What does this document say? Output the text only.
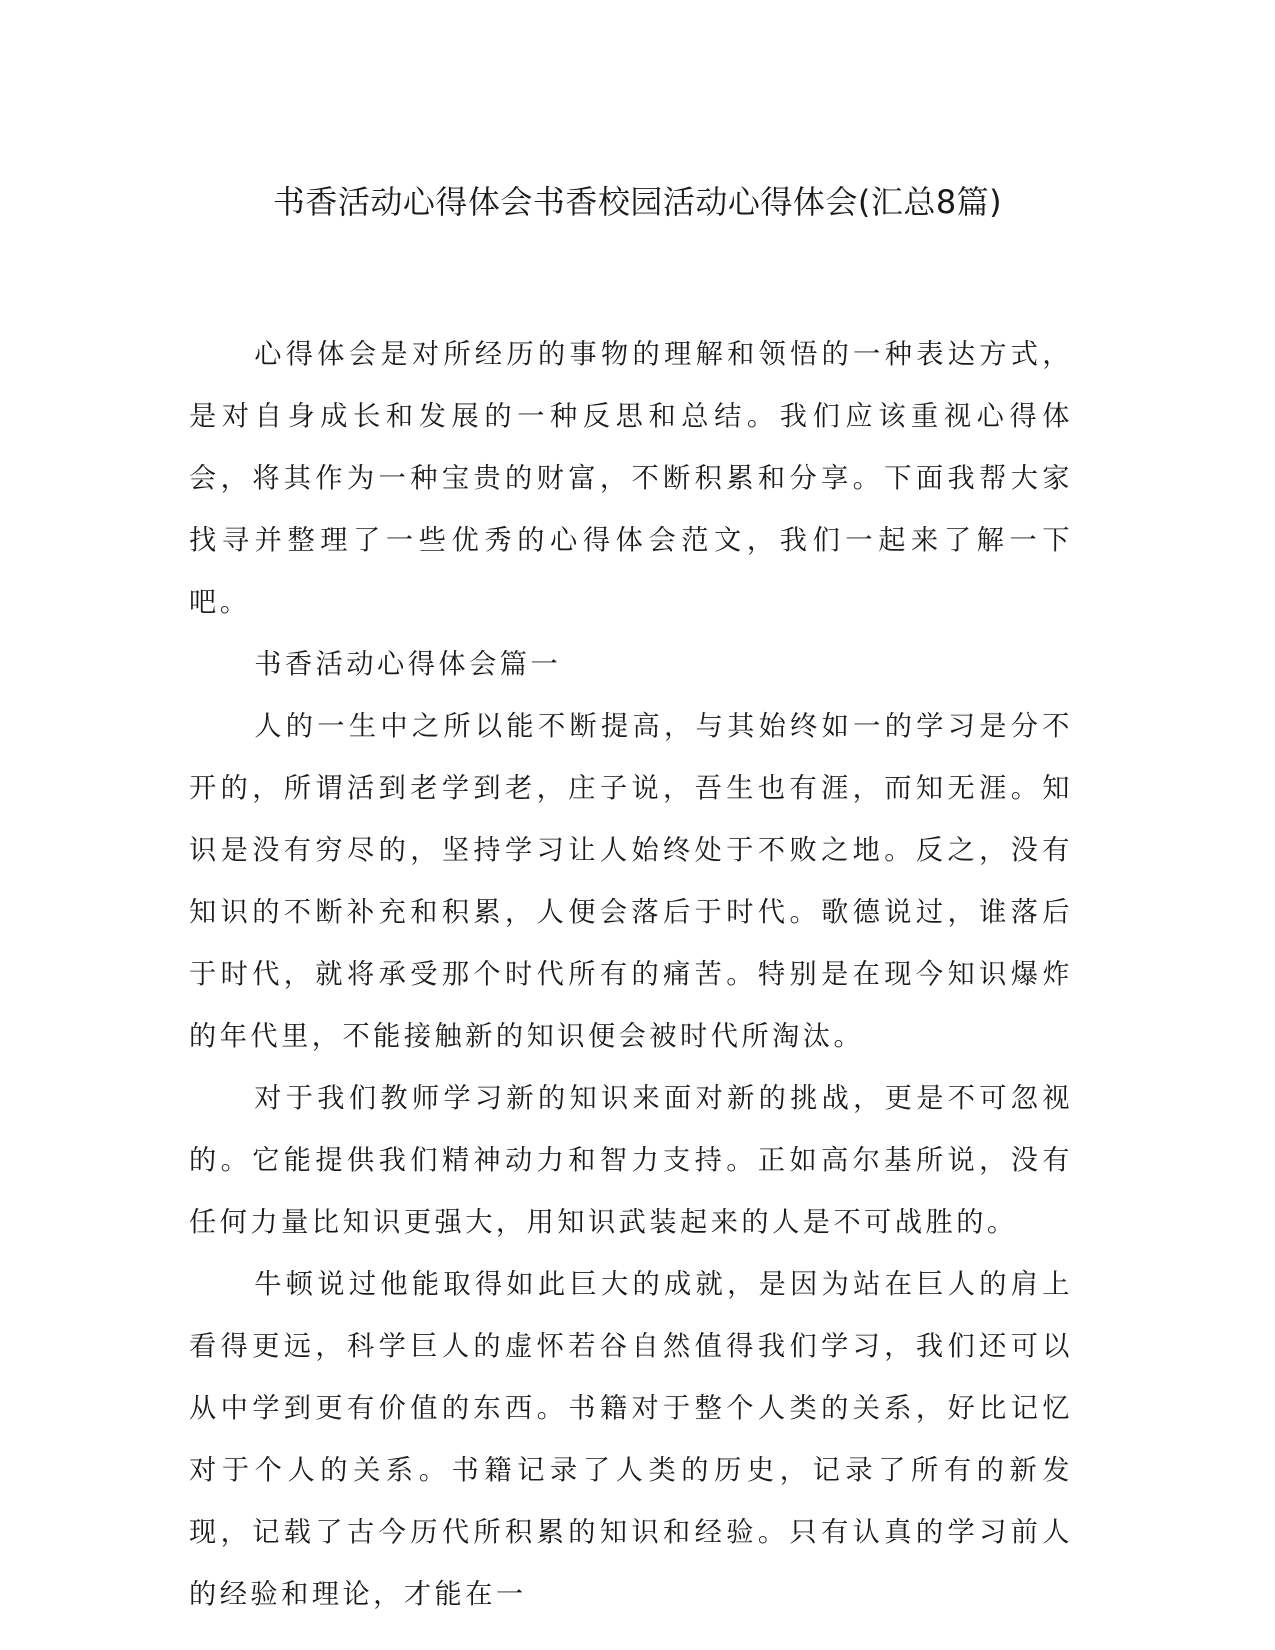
书香活动心得体会书香校园活动心得体会(汇总8篇)

心得体会是对所经历的事物的理解和领悟的一种表达方式，是对自身成长和发展的一种反思和总结。我们应该重视心得体会，将其作为一种宝贵的财富，不断积累和分享。下面我帮大家找寻并整理了一些优秀的心得体会范文，我们一起来了解一下吧。

书香活动心得体会篇一

人的一生中之所以能不断提高，与其始终如一的学习是分不开的，所谓活到老学到老，庄子说，吾生也有涯，而知无涯。知识是没有穷尽的，坚持学习让人始终处于不败之地。反之，没有知识的不断补充和积累，人便会落后于时代。歌德说过，谁落后于时代，就将承受那个时代所有的痛苦。特别是在现今知识爆炸的年代里，不能接触新的知识便会被时代所淘汰。

对于我们教师学习新的知识来面对新的挑战，更是不可忽视的。它能提供我们精神动力和智力支持。正如高尔基所说，没有任何力量比知识更强大，用知识武装起来的人是不可战胜的。

牛顿说过他能取得如此巨大的成就，是因为站在巨人的肩上看得更远，科学巨人的虚怀若谷自然值得我们学习，我们还可以从中学到更有价值的东西。书籍对于整个人类的关系，好比记忆对于个人的关系。书籍记录了人类的历史，记录了所有的新发现，记载了古今历代所积累的知识和经验。只有认真的学习前人的经验和理论，才能在一
